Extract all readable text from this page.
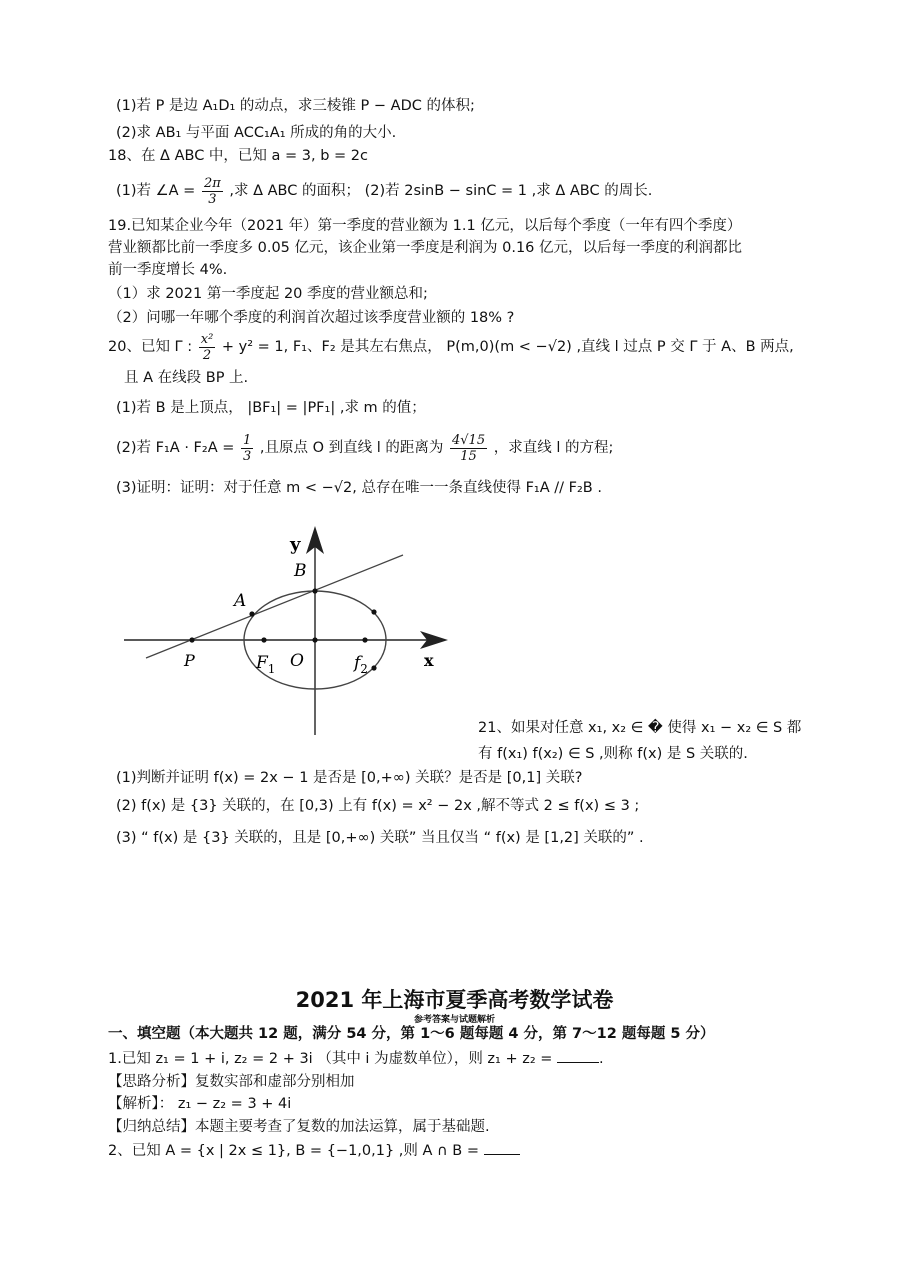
(1)若 P 是边 A₁D₁ 的动点，求三棱锥 P − ADC 的体积;
(2)求 AB₁ 与平面 ACC₁A₁ 所成的角的大小.
18、在 Δ ABC 中，已知 a = 3, b = 2c
(1)若 ∠A = $\frac{2\pi}{3}$ ,求 Δ ABC 的面积； (2)若 2sinB − sinC = 1 ,求 Δ ABC 的周长.
19.已知某企业今年（2021 年）第一季度的营业额为 1.1 亿元，以后每个季度（一年有四个季度）
营业额都比前一季度多 0.05 亿元，该企业第一季度是利润为 0.16 亿元，以后每一季度的利润都比
前一季度增长 4%.
（1）求 2021 第一季度起 20 季度的营业额总和;
（2）问哪一年哪个季度的利润首次超过该季度营业额的 18% ?
20、已知 Γ : $\frac{\text{x²}}{2} + y^2 = 1$, F₁、F₂ 是其左右焦点， P(m,0)(m < −√2) ,直线 l 过点 P 交 Γ 于 A、B 两点,
且 A 在线段 BP 上.
(1)若 B 是上顶点， |BF₁| = |PF₁| ,求 m 的值；
(2)若 $F_1A \cdot F_2A = \frac{1}{3}$ ,且原点 O 到直线 l 的距离为 $\frac{4√15}{15}$ ，求直线 l 的方程;
(3)证明：证明：对于任意 m < −√2, 总存在唯一一条直线使得 F₁A // F₂B .
y
x
B
A
P	$F_1$ O	$f_2$
21、如果对任意 x₁, x₂ ∈ � 使得 x₁ − x₂ ∈ S 都
有 f(x₁) f(x₂) ∈ S ,则称 f(x) 是 S 关联的.
(1)判断并证明 f(x) = 2x − 1 是否是 [0,+∞) 关联？是否是 [0,1] 关联?
(2) f(x) 是 {3} 关联的，在 [0,3) 上有 f(x) = x² − 2x ,解不等式 2 ≤ f(x) ≤ 3 ;
(3) “ f(x) 是 {3} 关联的，且是 [0,+∞) 关联” 当且仅当 “ f(x) 是 [1,2] 关联的” .
2021 年上海市夏季高考数学试卷
参考答案与试题解析
一、填空题（本大题共 12 题，满分 54 分，第 1～6 题每题 4 分，第 7～12 题每题 5 分）
1.已知 z₁ = 1 + i, z₂ = 2 + 3i （其中 i 为虚数单位），则 z₁ + z₂ =	.
【思路分析】复数实部和虚部分别相加
【解析】： z₁ − z₂ = 3 + 4i
【归纳总结】本题主要考查了复数的加法运算，属于基础题.
2、已知 A = {x | 2x ≤ 1}, B = {−1,0,1} ,则 A ∩ B =
